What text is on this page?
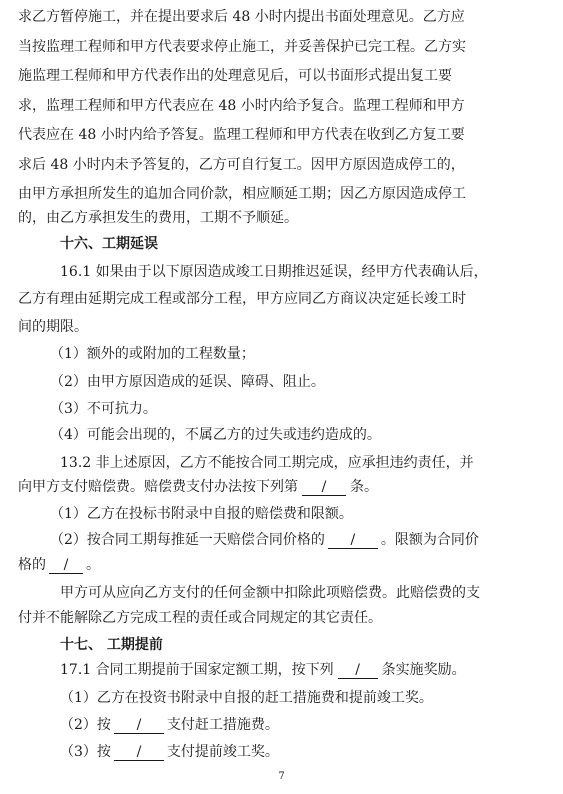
求乙方暂停施工，并在提出要求后 48 小时内提出书面处理意见。乙方应
当按监理工程师和甲方代表要求停止施工，并妥善保护已完工程。乙方实
施监理工程师和甲方代表作出的处理意见后，可以书面形式提出复工要
求，监理工程师和甲方代表应在 48 小时内给予复合。监理工程师和甲方
代表应在 48 小时内给予答复。监理工程师和甲方代表在收到乙方复工要
求后 48 小时内未予答复的，乙方可自行复工。因甲方原因造成停工的，
由甲方承担所发生的追加合同价款，相应顺延工期；因乙方原因造成停工
的，由乙方承担发生的费用，工期不予顺延。
十六、工期延误
16.1 如果由于以下原因造成竣工日期推迟延误，经甲方代表确认后，
乙方有理由延期完成工程或部分工程，甲方应同乙方商议决定延长竣工时
间的期限。
（1）额外的或附加的工程数量；
（2）由甲方原因造成的延误、障碍、阻止。
（3）不可抗力。
（4）可能会出现的，不属乙方的过失或违约造成的。
13.2 非上述原因，乙方不能按合同工期完成，应承担违约责任，并
向甲方支付赔偿费。赔偿费支付办法按下列第 / 条。
（1）乙方在投标书附录中自报的赔偿费和限额。
（2）按合同工期每推延一天赔偿合同价格的 / 。限额为合同价
格的 / 。
甲方可从应向乙方支付的任何金额中扣除此项赔偿费。此赔偿费的支
付并不能解除乙方完成工程的责任或合同规定的其它责任。
十七、 工期提前
17.1 合同工期提前于国家定额工期，按下列 / 条实施奖励。
（1）乙方在投资书附录中自报的赶工措施费和提前竣工奖。
（2）按 / 支付赶工措施费。
（3）按 / 支付提前竣工奖。
7
